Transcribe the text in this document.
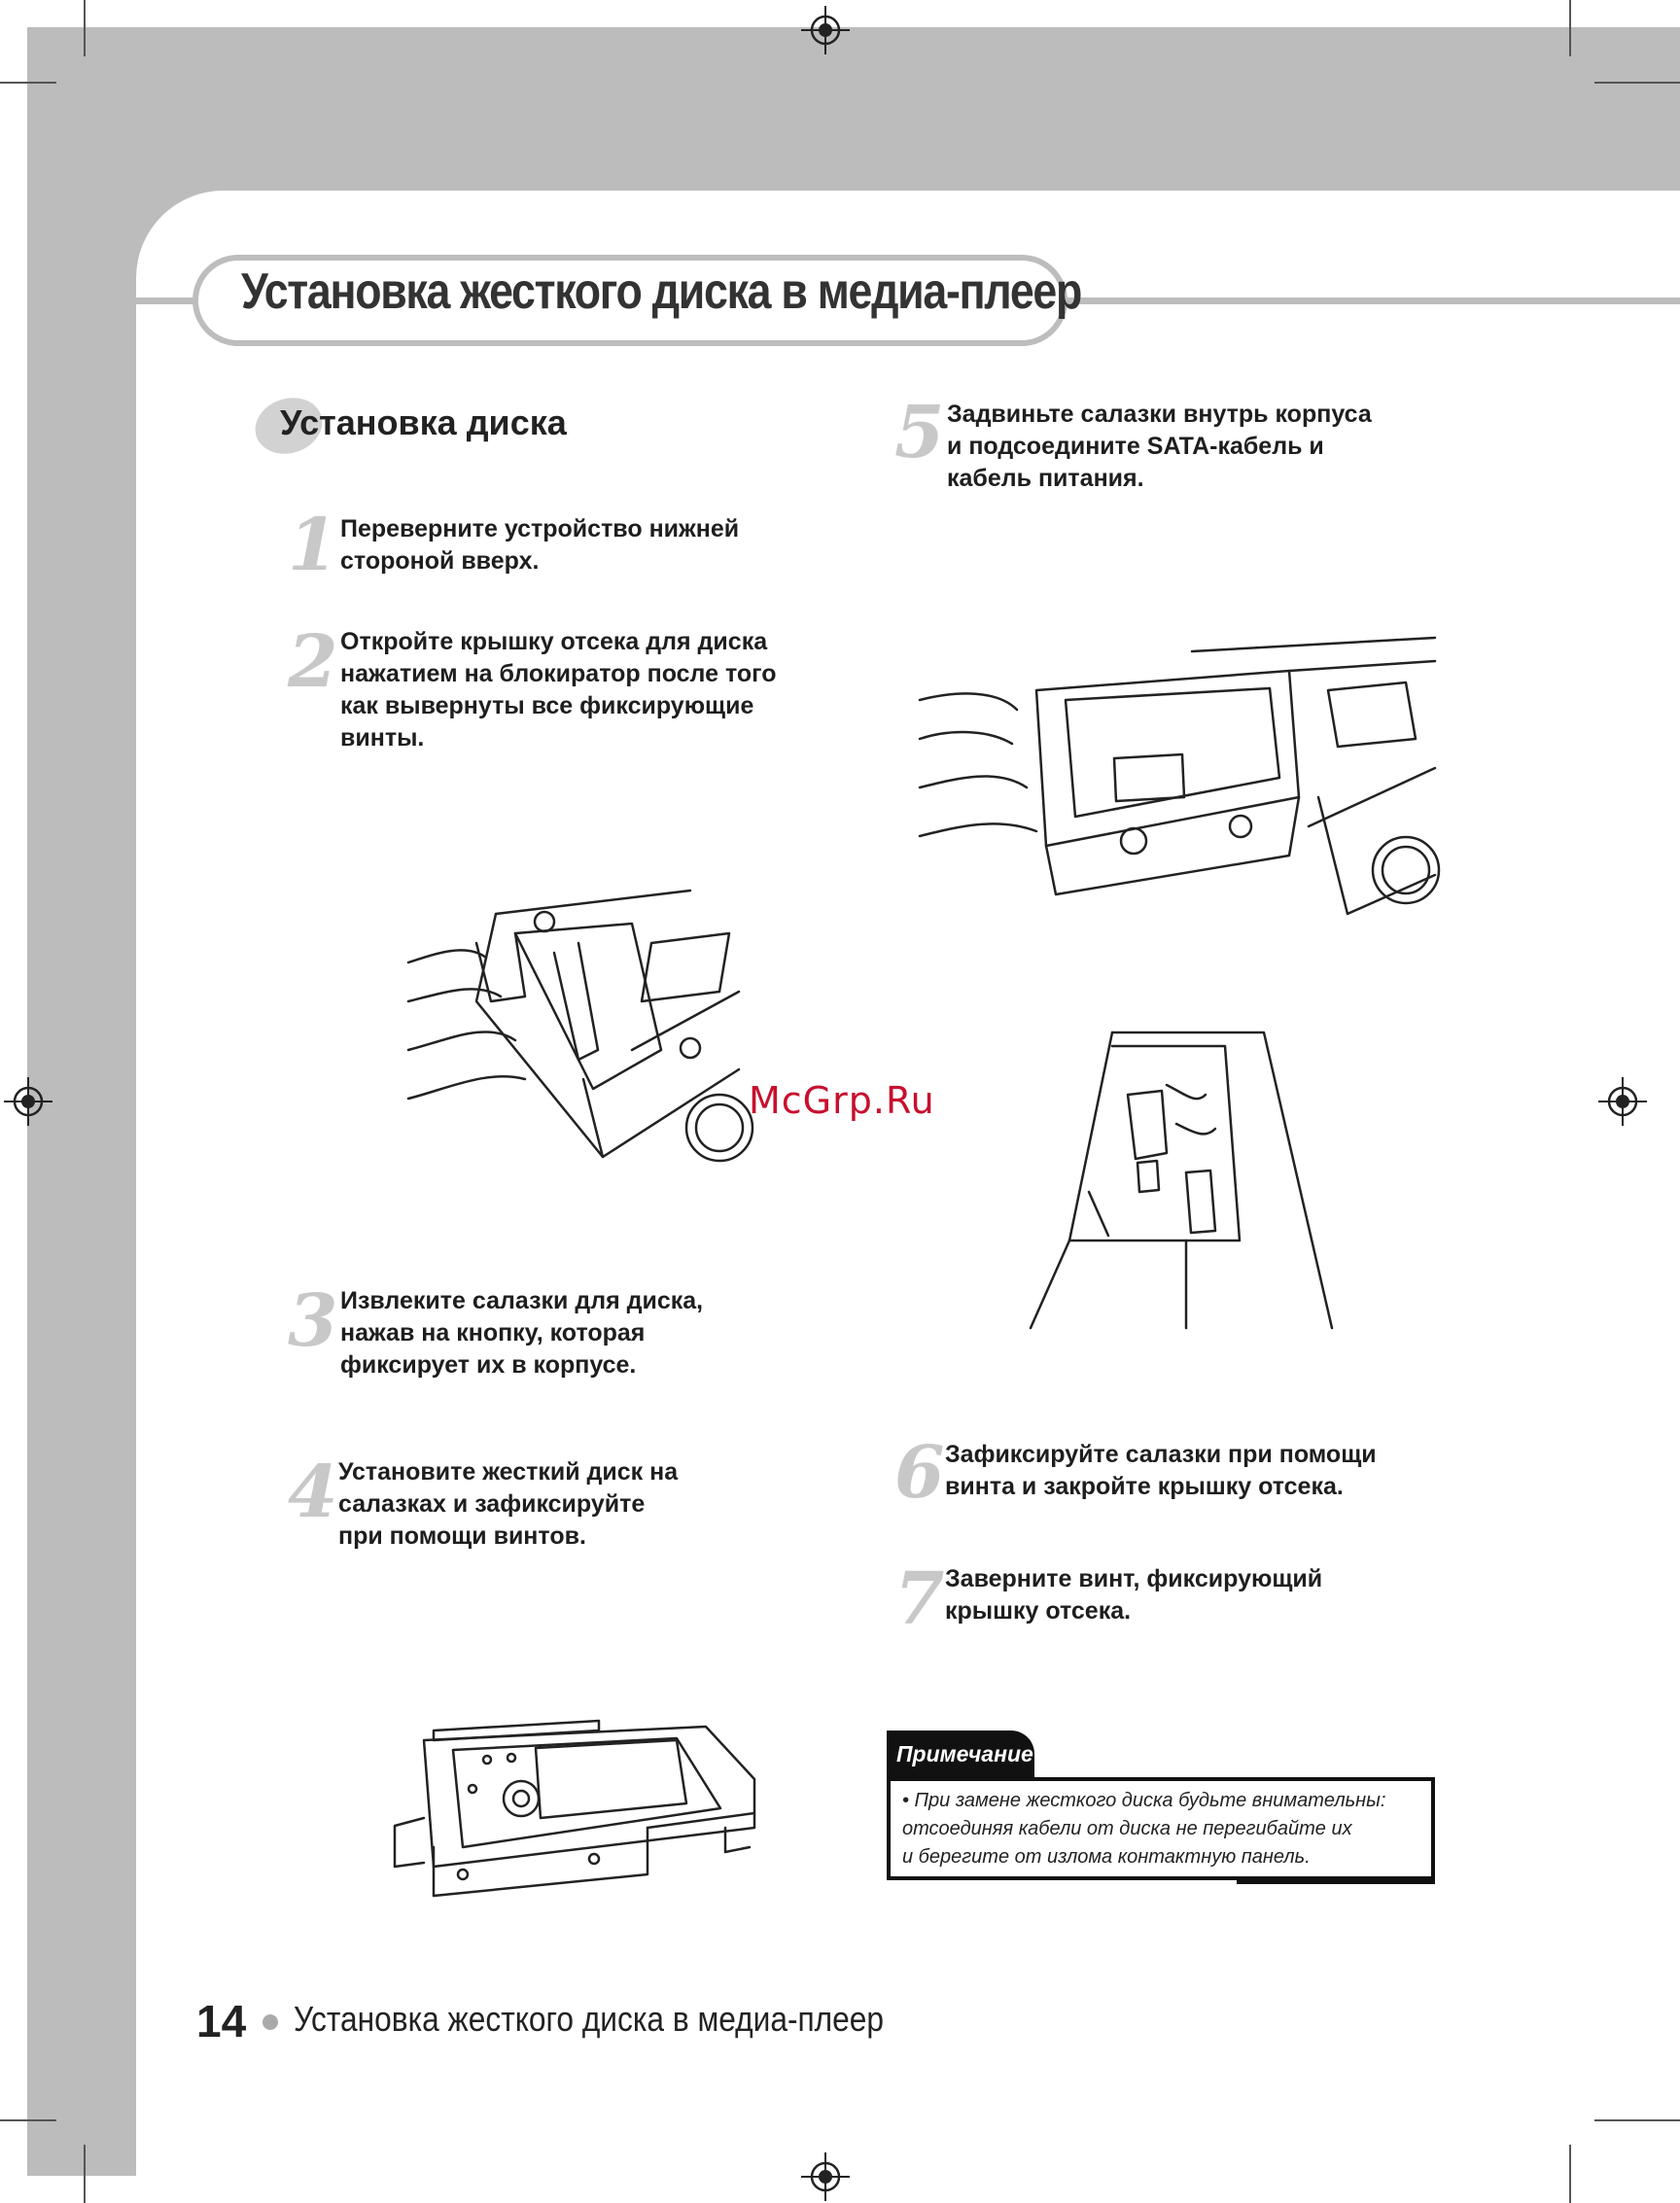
Установка жесткого диска в медиа-плеер
Установка диска
1 Переверните устройство нижней
стороной вверх.
2 Откройте крышку отсека для диска
нажатием на блокиратор после того
как вывернуты все фиксирующие
винты.
3 Извлеките салазки для диска,
нажав на кнопку, которая
фиксирует их в корпусе.
4 Установите жесткий диск на
салазках и зафиксируйте
при помощи винтов.
5 Задвиньте салазки внутрь корпуса
и подсоедините SATA-кабель и
кабель питания.
6 Зафиксируйте салазки при помощи
винта и закройте крышку отсека.
7 Заверните винт, фиксирующий
крышку отсека.
McGrp.Ru
Примечание
• При замене жесткого диска будьте внимательны:
отсоединяя кабели от диска не перегибайте их
и берегите от излома контактную панель.
14 Установка жесткого диска в медиа-плеер
